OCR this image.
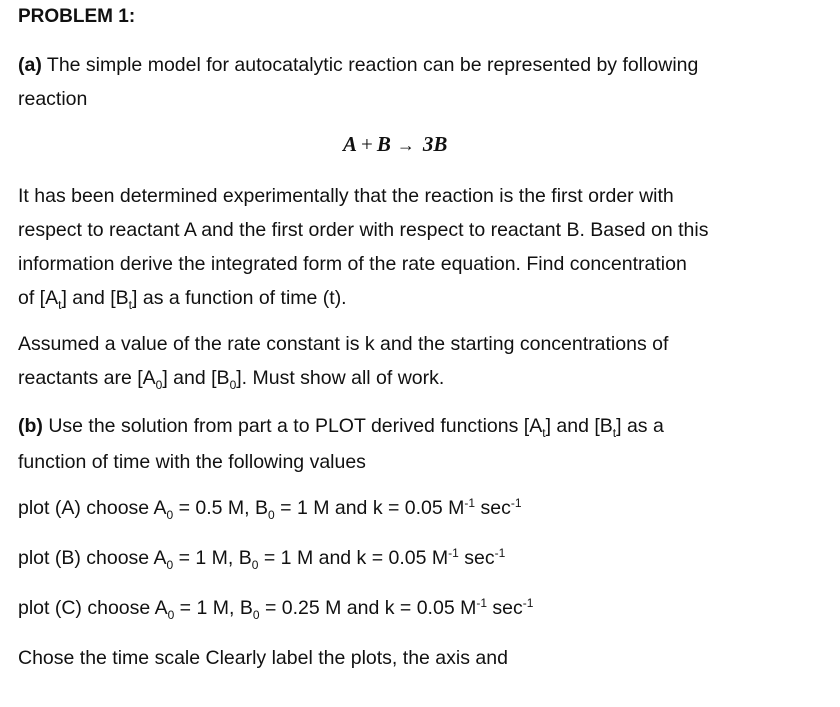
PROBLEM 1:
(a) The simple model for autocatalytic reaction can be represented by following
reaction
A + B → 3B
It has been determined experimentally that the reaction is the first order with
respect to reactant A and the first order with respect to reactant B. Based on this
information derive the integrated form of the rate equation. Find concentration
of $[A_t]$ and $[B_t]$ as a function of time (t).
Assumed a value of the rate constant is k and the starting concentrations of
reactants are $[A_0]$ and $[B_0]$. Must show all of work.
(b) Use the solution from part a to PLOT derived functions $[A_t]$ and $[B_t]$ as a
function of time with the following values
plot (A) choose $A_0 = 0.5$ M, $B_0 = 1$ M and k = 0.05 $M^{-1}$ $\sec^{-1}$
plot (B) choose $A_0 = 1$ M, $B_0 = 1$ M and k = 0.05 $M^{-1}$ $\sec^{-1}$
plot (C) choose $A_0 = 1$ M, $B_0 = 0.25$ M and k = 0.05 $M^{-1}$ $\sec^{-1}$
Chose the time scale Clearly label the plots, the axis and
